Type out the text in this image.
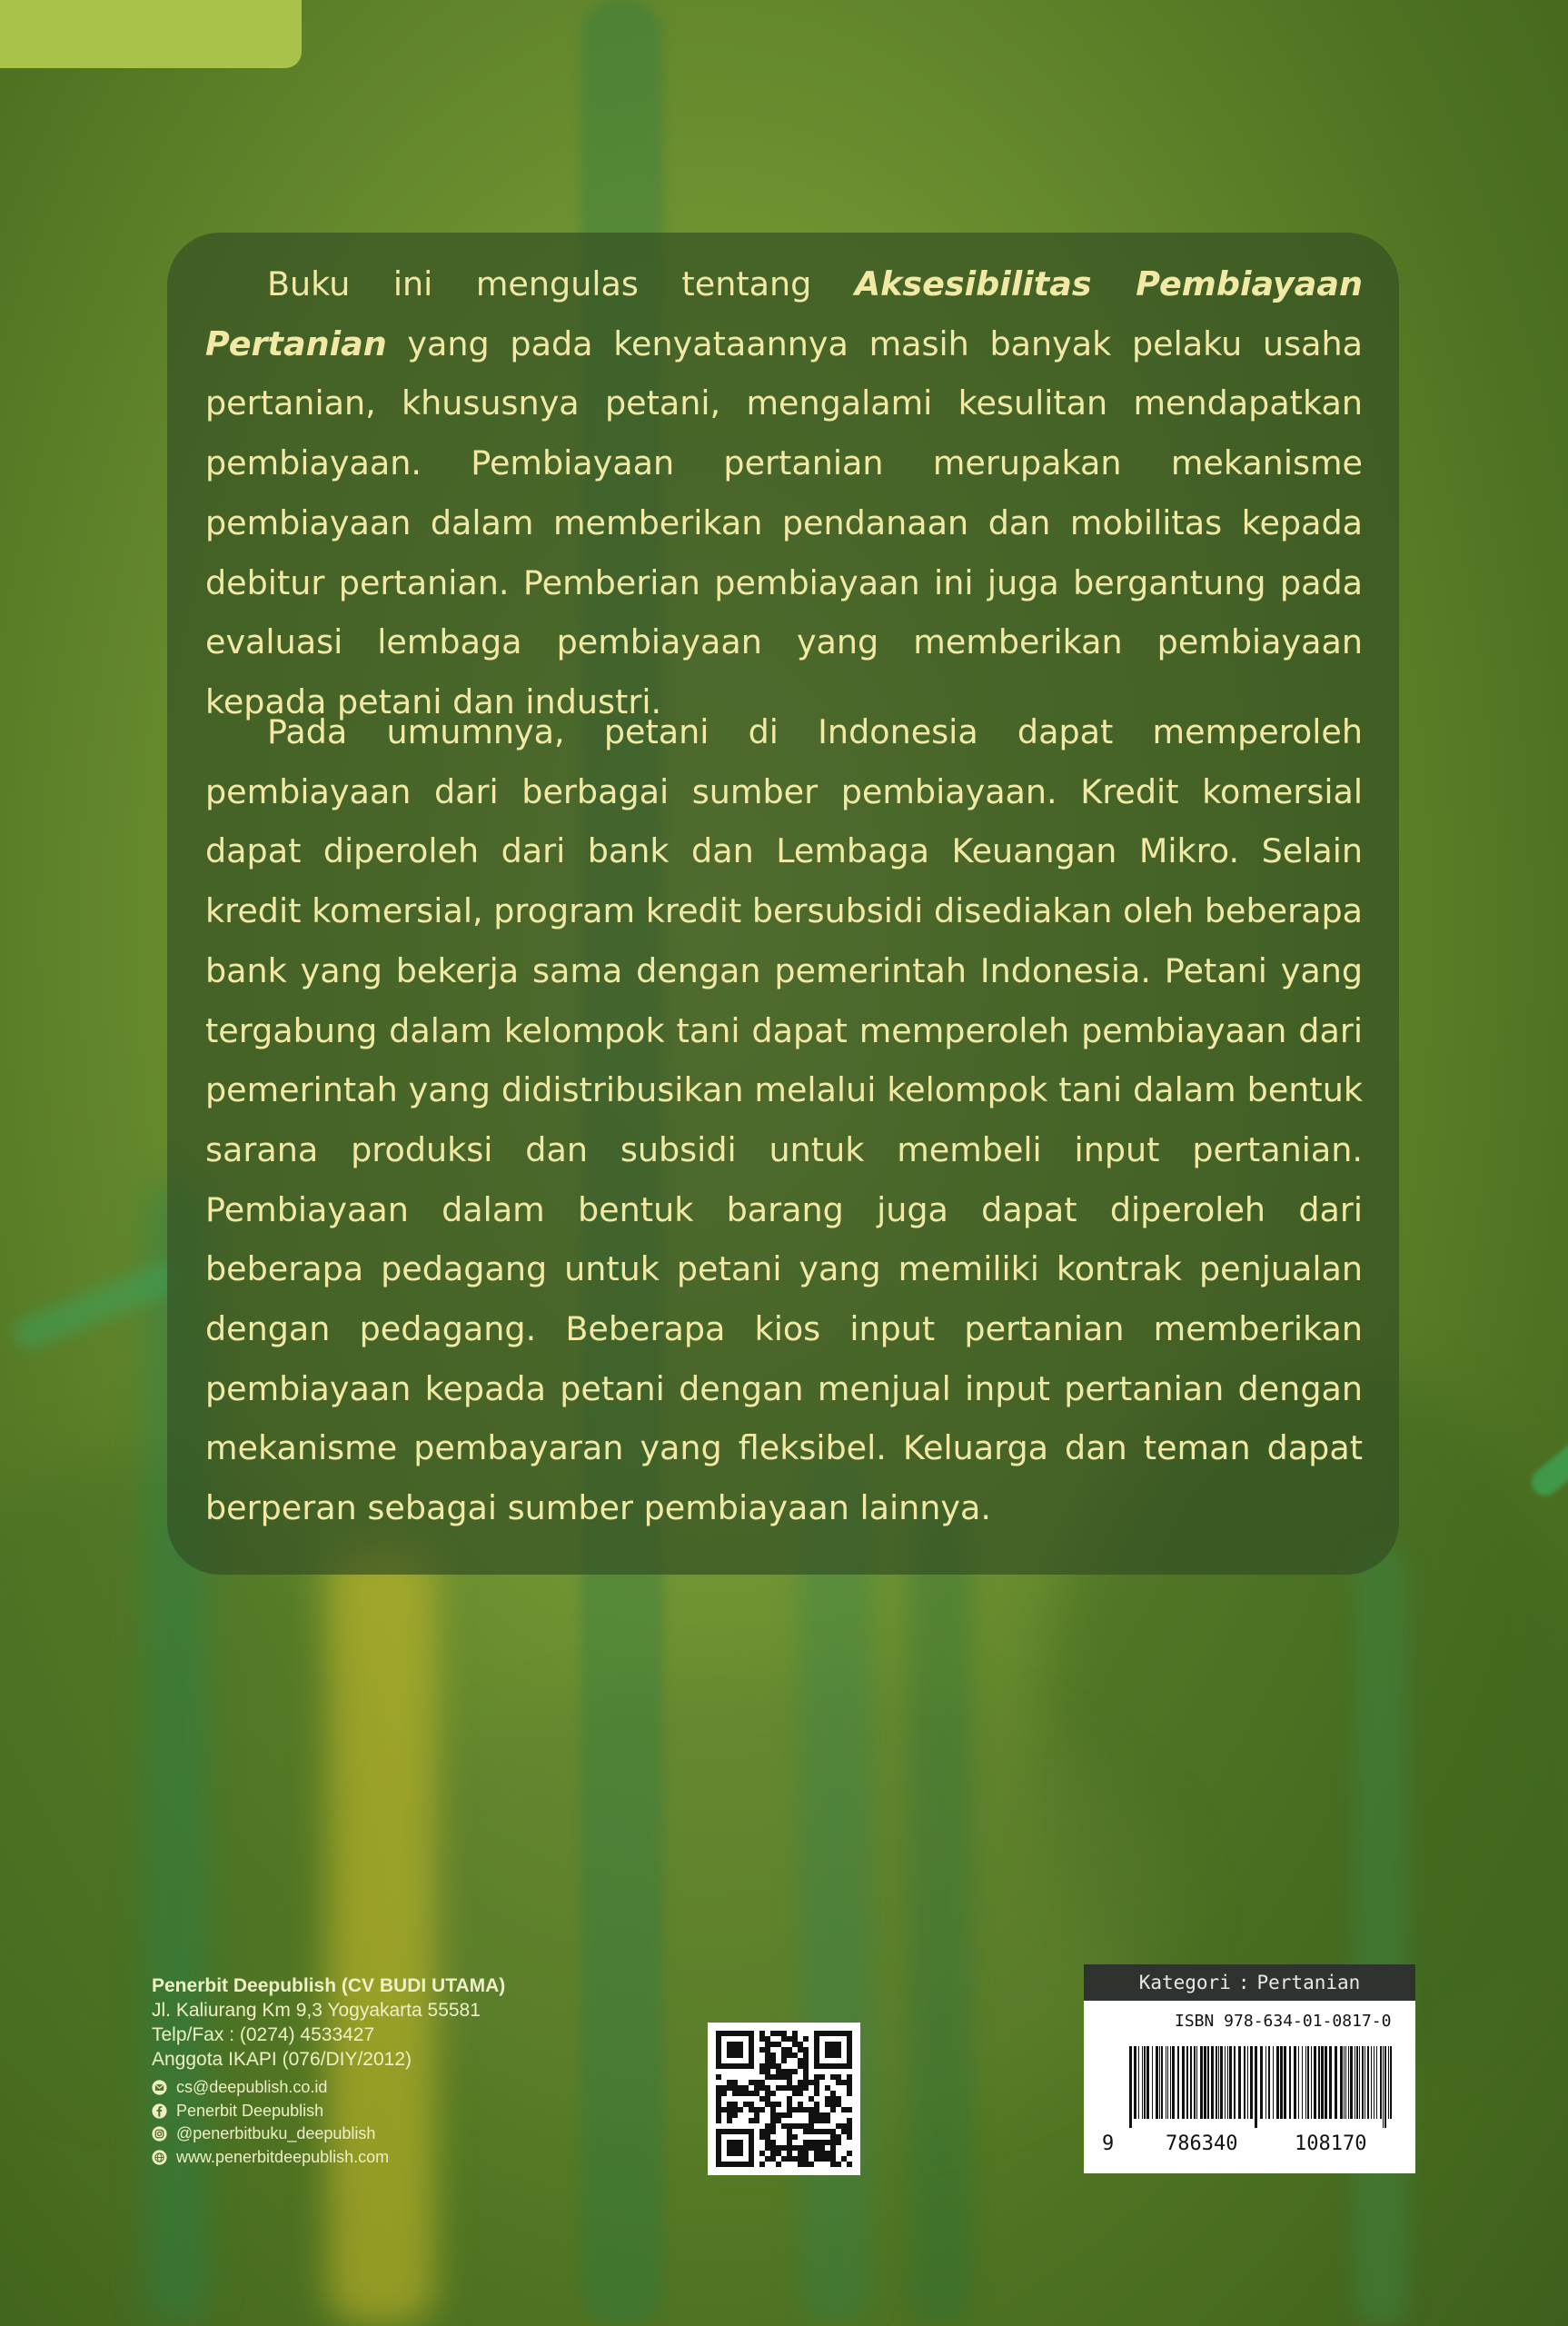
Buku ini mengulas tentang Aksesibilitas Pembiayaan Pertanian yang pada kenyataannya masih banyak pelaku usaha pertanian, khususnya petani, mengalami kesulitan mendapatkan pembiayaan. Pembiayaan pertanian merupakan mekanisme pembiayaan dalam memberikan pendanaan dan mobilitas kepada debitur pertanian. Pemberian pembiayaan ini juga bergantung pada evaluasi lembaga pembiayaan yang memberikan pembiayaan kepada petani dan industri.

Pada umumnya, petani di Indonesia dapat memperoleh pembiayaan dari berbagai sumber pembiayaan. Kredit komersial dapat diperoleh dari bank dan Lembaga Keuangan Mikro. Selain kredit komersial, program kredit bersubsidi disediakan oleh beberapa bank yang bekerja sama dengan pemerintah Indonesia. Petani yang tergabung dalam kelompok tani dapat memperoleh pembiayaan dari pemerintah yang didistribusikan melalui kelompok tani dalam bentuk sarana produksi dan subsidi untuk membeli input pertanian. Pembiayaan dalam bentuk barang juga dapat diperoleh dari beberapa pedagang untuk petani yang memiliki kontrak penjualan dengan pedagang. Beberapa kios input pertanian memberikan pembiayaan kepada petani dengan menjual input pertanian dengan mekanisme pembayaran yang fleksibel. Keluarga dan teman dapat berperan sebagai sumber pembiayaan lainnya.

Penerbit Deepublish (CV BUDI UTAMA)
Jl. Kaliurang Km 9,3 Yogyakarta 55581
Telp/Fax : (0274) 4533427
Anggota IKAPI (076/DIY/2012)
cs@deepublish.co.id
Penerbit Deepublish
@penerbitbuku_deepublish
www.penerbitdeepublish.com
Kategori : Pertanian
ISBN 978-634-01-0817-0
9	786340	108170
